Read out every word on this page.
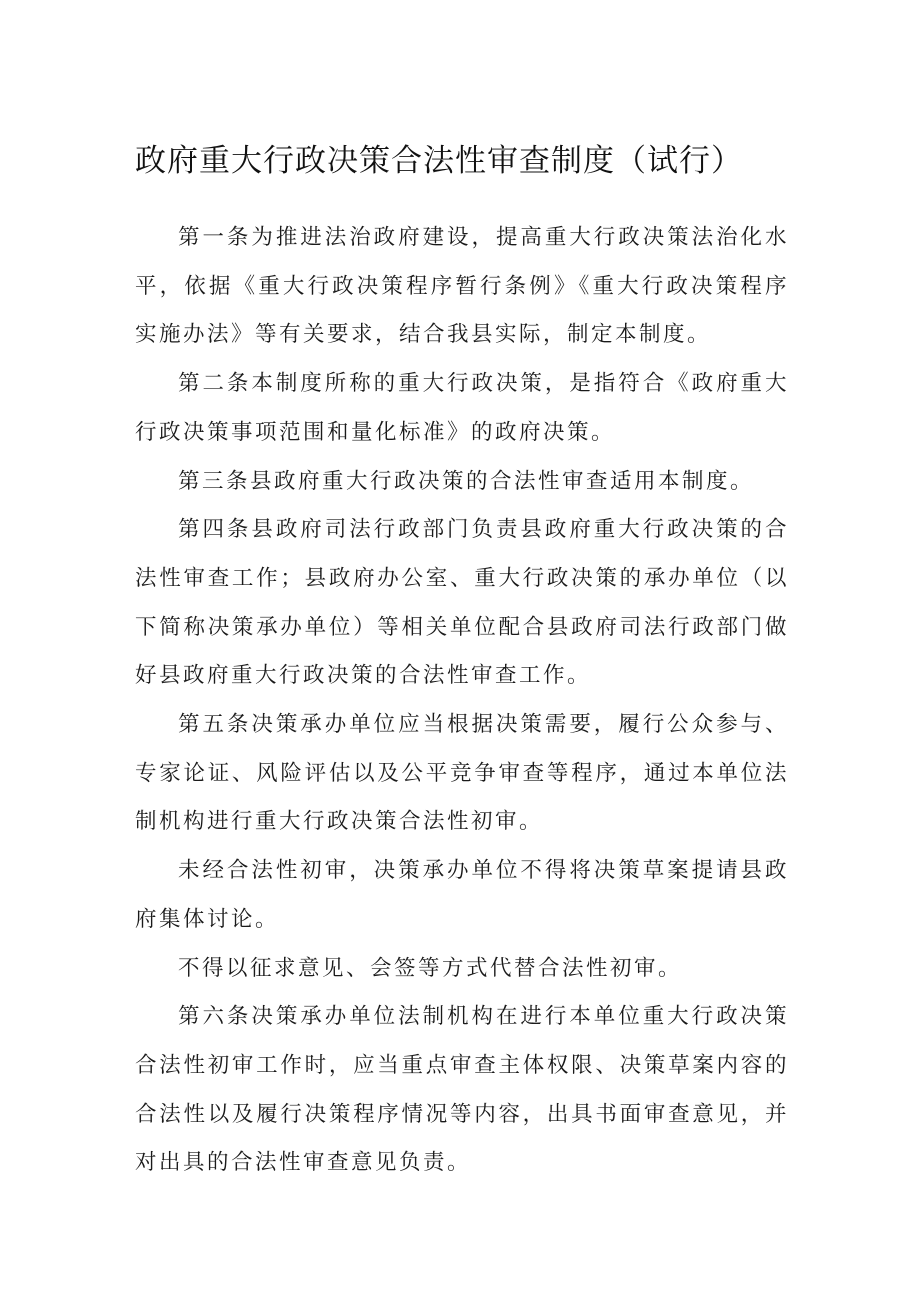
政府重大行政决策合法性审查制度（试行）

第一条为推进法治政府建设，提高重大行政决策法治化水平，依据《重大行政决策程序暂行条例》《重大行政决策程序实施办法》等有关要求，结合我县实际，制定本制度。

第二条本制度所称的重大行政决策，是指符合《政府重大行政决策事项范围和量化标准》的政府决策。

第三条县政府重大行政决策的合法性审查适用本制度。

第四条县政府司法行政部门负责县政府重大行政决策的合法性审查工作；县政府办公室、重大行政决策的承办单位（以下简称决策承办单位）等相关单位配合县政府司法行政部门做好县政府重大行政决策的合法性审查工作。

第五条决策承办单位应当根据决策需要，履行公众参与、专家论证、风险评估以及公平竞争审查等程序，通过本单位法制机构进行重大行政决策合法性初审。

未经合法性初审，决策承办单位不得将决策草案提请县政府集体讨论。

不得以征求意见、会签等方式代替合法性初审。

第六条决策承办单位法制机构在进行本单位重大行政决策合法性初审工作时，应当重点审查主体权限、决策草案内容的合法性以及履行决策程序情况等内容，出具书面审查意见，并对出具的合法性审查意见负责。
